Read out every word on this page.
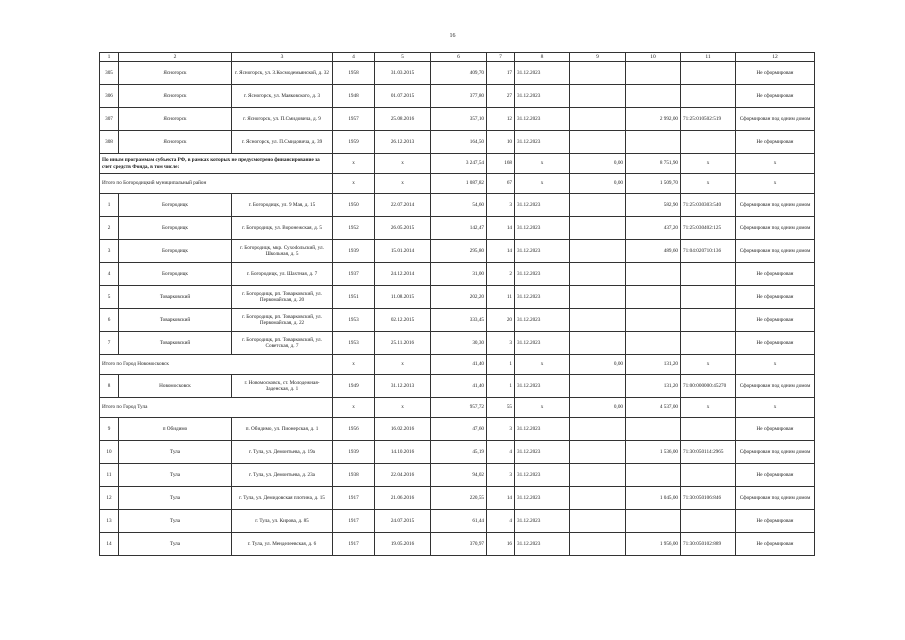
16
1	2	3	4	5	6	7	8	9	10	11	12
305	Ясногорск	г. Ясногорск, ул. З.Космодемьянской, д. 32	1958	31.03.2015	409,70	17	31.12.2023				Не сформирован
306	Ясногорск	г. Ясногорск, ул. Маяковского, д. 3	1948	01.07.2015	377,80	27	31.12.2023				Не сформирован
307	Ясногорск	г. Ясногорск, ул. П.Смидовича, д. 9	1957	25.08.2016	357,10	12	31.12.2023		2 992,00	71:25:010502:519	Сформирован под одним домом
308	Ясногорск	г. Ясногорск, ул. П.Смидовича, д. 39	1959	26.12.2013	164,50	10	31.12.2023				Не сформирован
По иным программам субъекта РФ, в рамках которых не предусмотрено финансирование за счет средств Фонда, в том числе:			x	x	3 247,54	168	x	0,00	8 751,90	x	x
Итого по Богородицкий муниципальный район			x	x	1 087,82	67	x	0,00	1 509,70	x	x
1	Богородицк	г. Богородицк, ул. 9 Мая, д. 15	1950	22.07.2014	54,60	3	31.12.2023		582,90	71:25:030303:540	Сформирован под одним домом
2	Богородицк	г. Богородицк, ул. Воронежская, д. 5	1952	26.05.2015	142,47	14	31.12.2023		437,20	71:25:030402:125	Сформирован под одним домом
3	Богородицк	г. Богородицк, мкр. Сухоdольский, ул. Школьная, д. 5	1939	15.01.2014	295,80	14	31.12.2023		489,60	71:04:020710:136	Сформирован под одним домом
4	Богородицк	г. Богородицк, ул. Шахтная, д. 7	1937	24.12.2014	31,00	2	31.12.2023				Не сформирован
5	Товарковский	г. Богородицк, рп. Товарковский, ул. Первомайская, д. 20	1951	11.08.2015	202,20	11	31.12.2023				Не сформирован
6	Товарковский	г. Богородицк, рп. Товарковский, ул. Первомайская, д. 22	1953	02.12.2015	333,45	20	31.12.2023				Не сформирован
7	Товарковский	г. Богородицк, рп. Товарковский, ул. Советская, д. 7	1953	25.11.2016	30,30	3	31.12.2023				Не сформирован
Итого по Город Новомосковск			x	x	41,40	1	x	0,00	131,20	x	x
8	Новомосковск	г. Новомосковск, ст. Молодежная-Заденская, д. 1	1949	31.12.2013	41,40	1	31.12.2023		131,20	71:00:000000:45270	Сформирован под одним домом
Итого по Город Тула			x	x	957,72	55	x	0,00	4 537,00	x	x
9	п Обидимо	п. Обидимо, ул. Пионерская, д. 1	1956	16.02.2016	47,60	3	31.12.2023				Не сформирован
10	Тула	г. Тула, ул. Демонтьева, д. 19а	1939	14.10.2016	45,19	4	31.12.2023		1 536,00	71:30:050114:2965	Сформирован под одним домом
11	Тула	г. Тула, ул. Демонтьева, д. 23а	1938	22.04.2016	94,02	3	31.12.2023				Не сформирован
12	Тула	г. Тула, ул. Демидовская плотина, д. 15	1917	21.06.2016	220,55	14	31.12.2023		1 045,00	71:30:050106:846	Сформирован под одним домом
13	Тула	г. Тула, ул. Кирова, д. 85	1917	24.07.2015	61,44	4	31.12.2023				Не сформирован
14	Тула	г. Тула, ул. Менделеевская, д. 6	1917	19.05.2016	370,97	16	31.12.2023		1 956,00	71:30:050102:889	Не сформирован
